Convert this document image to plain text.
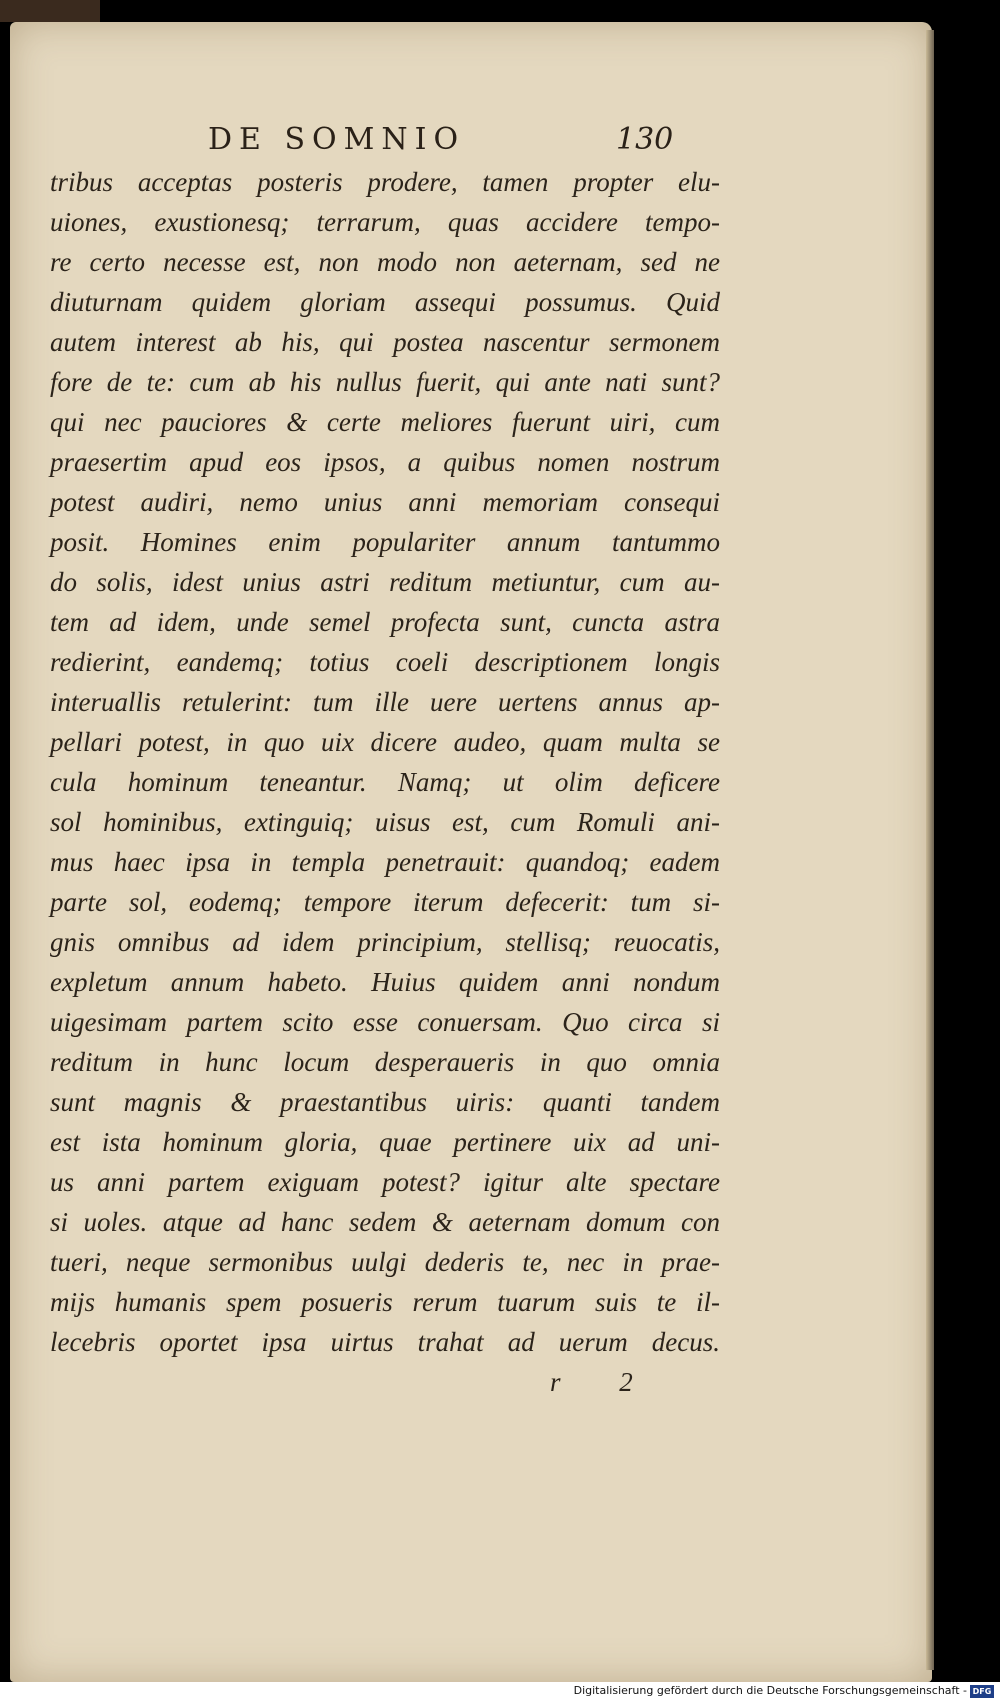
DE SOMNIO	130
tribus acceptas posteris prodere, tamen propter elu-
uiones, exustionesq; terrarum, quas accidere tempo-
re certo necesse est, non modo non aeternam, sed ne
diuturnam quidem gloriam assequi possumus. Quid
autem interest ab his, qui postea nascentur sermonem
fore de te: cum ab his nullus fuerit, qui ante nati sunt?
qui nec pauciores & certe meliores fuerunt uiri, cum
praesertim apud eos ipsos, a quibus nomen nostrum
potest audiri, nemo unius anni memoriam consequi
posit. Homines enim populariter annum tantummo
do solis, idest unius astri reditum metiuntur, cum au-
tem ad idem, unde semel profecta sunt, cuncta astra
redierint, eandemq; totius coeli descriptionem longis
interuallis retulerint: tum ille uere uertens annus ap-
pellari potest, in quo uix dicere audeo, quam multa se
cula hominum teneantur. Namq; ut olim deficere
sol hominibus, extinguiq; uisus est, cum Romuli ani-
mus haec ipsa in templa penetrauit: quandoq; eadem
parte sol, eodemq; tempore iterum defecerit: tum si-
gnis omnibus ad idem principium, stellisq; reuocatis,
expletum annum habeto. Huius quidem anni nondum
uigesimam partem scito esse conuersam. Quo circa si
reditum in hunc locum desperaueris in quo omnia
sunt magnis & praestantibus uiris: quanti tandem
est ista hominum gloria, quae pertinere uix ad uni-
us anni partem exiguam potest? igitur alte spectare
si uoles. atque ad hanc sedem & aeternam domum con
tueri, neque sermonibus uulgi dederis te, nec in prae-
mijs humanis spem posueris rerum tuarum suis te il-
lecebris oportet ipsa uirtus trahat ad uerum decus.
r 2
Digitalisierung gefördert durch die Deutsche Forschungsgemeinschaft - DFG
